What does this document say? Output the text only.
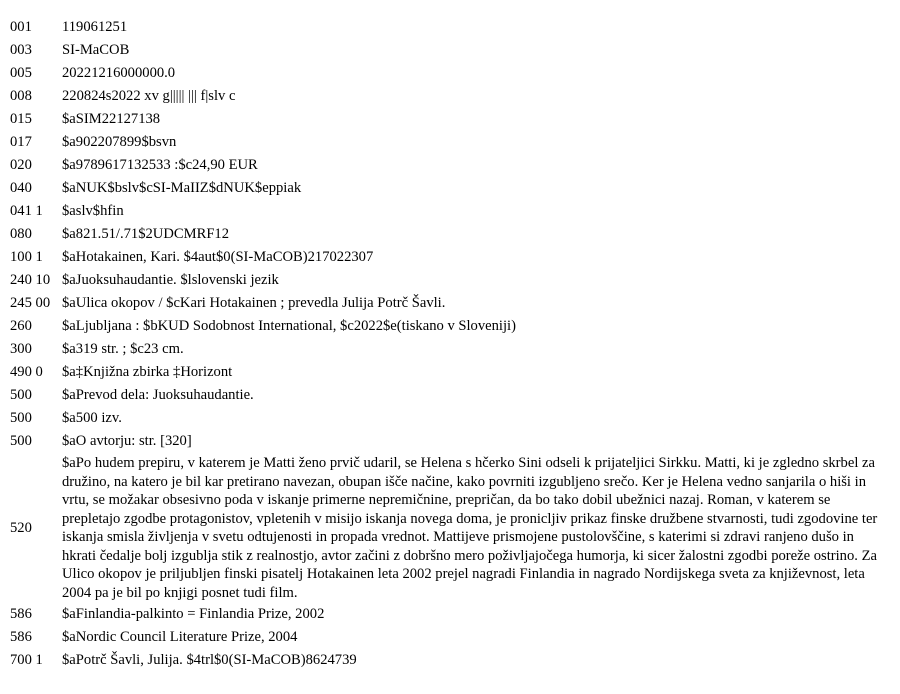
001	119061251
003	SI-MaCOB
005	20221216000000.0
008	220824s2022 xv g||||| ||| f|slv c
015	$aSIM22127138
017	$a902207899$bsvn
020	$a9789617132533 :$c24,90 EUR
040	$aNUK$bslv$cSI-MaIIZ$dNUK$eppiak
041 1	$aslv$hfin
080	$a821.51/.71$2UDCMRF12
100 1	$aHotakainen, Kari. $4aut$0(SI-MaCOB)217022307
240 10	$aJuoksuhaudantie. $lslovenski jezik
245 00	$aUlica okopov / $cKari Hotakainen ; prevedla Julija Potrč Šavli.
260	$aLjubljana : $bKUD Sodobnost International, $c2022$e(tiskano v Sloveniji)
300	$a319 str. ; $c23 cm.
490 0	$a‡Knjižna zbirka ‡Horizont
500	$aPrevod dela: Juoksuhaudantie.
500	$a500 izv.
500	$aO avtorju: str. [320]
520	$aPo hudem prepiru, v katerem je Matti ženo prvič udaril, se Helena s hčerko Sini odseli k prijateljici Sirkku. Matti, ki je zgledno skrbel za družino, na katero je bil kar pretirano navezan, obupan išče načine, kako povrniti izgubljeno srečo. Ker je Helena vedno sanjarila o hiši in vrtu, se možakar obsesivno poda v iskanje primerne nepremičnine, prepričan, da bo tako dobil ubežnici nazaj. Roman, v katerem se prepletajo zgodbe protagonistov, vpletenih v misijo iskanja novega doma, je pronicljiv prikaz finske družbene stvarnosti, tudi zgodovine ter iskanja smisla življenja v svetu odtujenosti in propada vrednot. Mattijeve prismojene pustolovščine, s katerimi si zdravi ranjeno dušo in hkrati čedalje bolj izgublja stik z realnostjo, avtor začini z dobršno mero poživljajočega humorja, ki sicer žalostni zgodbi poreže ostrino. Za Ulico okopov je priljubljen finski pisatelj Hotakainen leta 2002 prejel nagradi Finlandia in nagrado Nordijskega sveta za književnost, leta 2004 pa je bil po knjigi posnet tudi film.
586	$aFinlandia-palkinto = Finlandia Prize, 2002
586	$aNordic Council Literature Prize, 2004
700 1	$aPotrč Šavli, Julija. $4trl$0(SI-MaCOB)8624739
